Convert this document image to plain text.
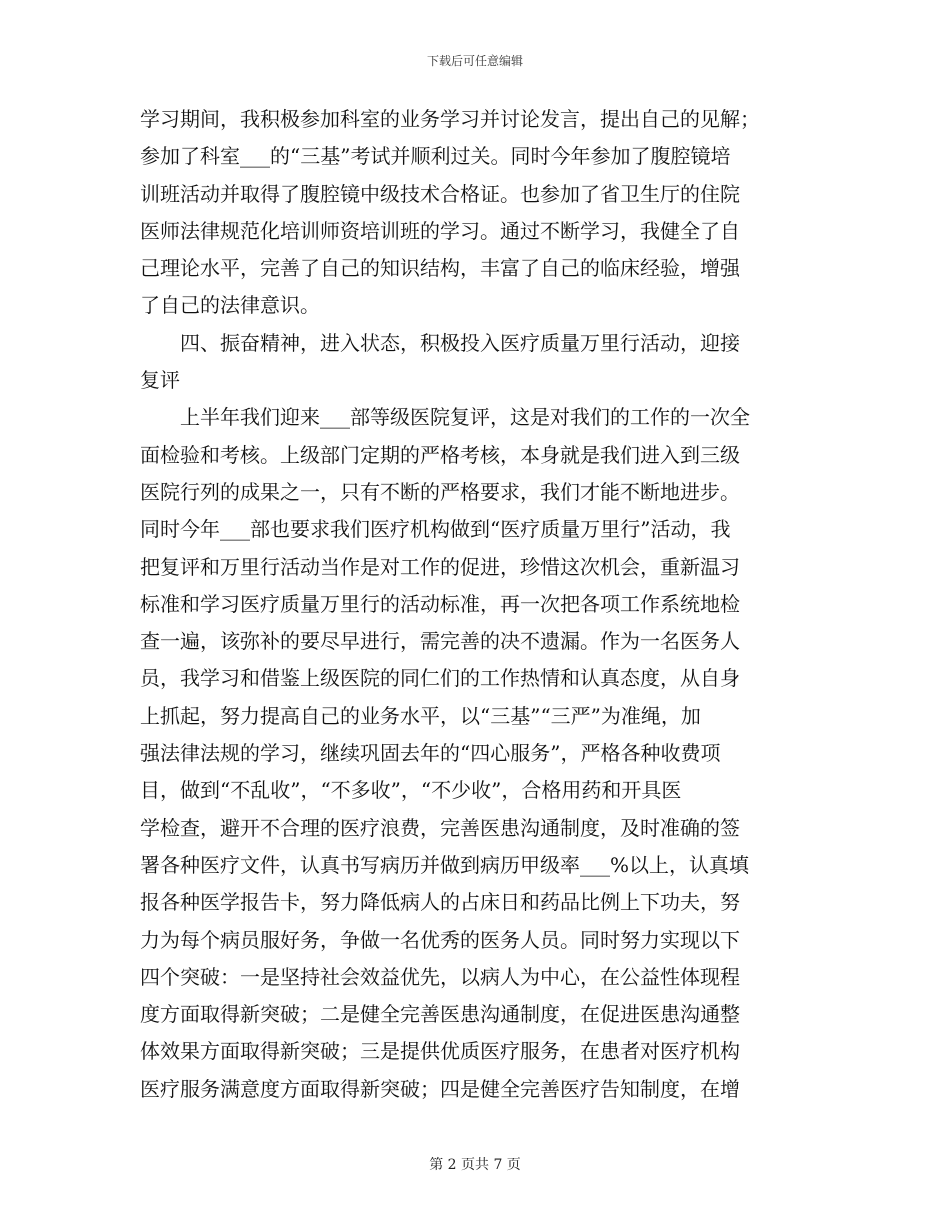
下载后可任意编辑
学习期间，我积极参加科室的业务学习并讨论发言，提出自己的见解；
参加了科室___的“三基”考试并顺利过关。同时今年参加了腹腔镜培
训班活动并取得了腹腔镜中级技术合格证。也参加了省卫生厅的住院
医师法律规范化培训师资培训班的学习。通过不断学习，我健全了自
己理论水平，完善了自己的知识结构，丰富了自己的临床经验，增强
了自己的法律意识。
　　四、振奋精神，进入状态，积极投入医疗质量万里行活动，迎接
复评
　　上半年我们迎来___部等级医院复评，这是对我们的工作的一次全
面检验和考核。上级部门定期的严格考核，本身就是我们进入到三级
医院行列的成果之一，只有不断的严格要求，我们才能不断地进步。
同时今年___部也要求我们医疗机构做到“医疗质量万里行”活动，我
把复评和万里行活动当作是对工作的促进，珍惜这次机会，重新温习
标准和学习医疗质量万里行的活动标准，再一次把各项工作系统地检
查一遍，该弥补的要尽早进行，需完善的决不遗漏。作为一名医务人
员，我学习和借鉴上级医院的同仁们的工作热情和认真态度，从自身
上抓起，努力提高自己的业务水平，以“三基”“三严”为准绳，加
强法律法规的学习，继续巩固去年的“四心服务”，严格各种收费项
目，做到“不乱收”，“不多收”，“不少收”，合格用药和开具医
学检查，避开不合理的医疗浪费，完善医患沟通制度，及时准确的签
署各种医疗文件，认真书写病历并做到病历甲级率___%以上，认真填
报各种医学报告卡，努力降低病人的占床日和药品比例上下功夫，努
力为每个病员服好务，争做一名优秀的医务人员。同时努力实现以下
四个突破：一是坚持社会效益优先，以病人为中心，在公益性体现程
度方面取得新突破；二是健全完善医患沟通制度，在促进医患沟通整
体效果方面取得新突破；三是提供优质医疗服务，在患者对医疗机构
医疗服务满意度方面取得新突破；四是健全完善医疗告知制度，在增
第 2 页共 7 页
